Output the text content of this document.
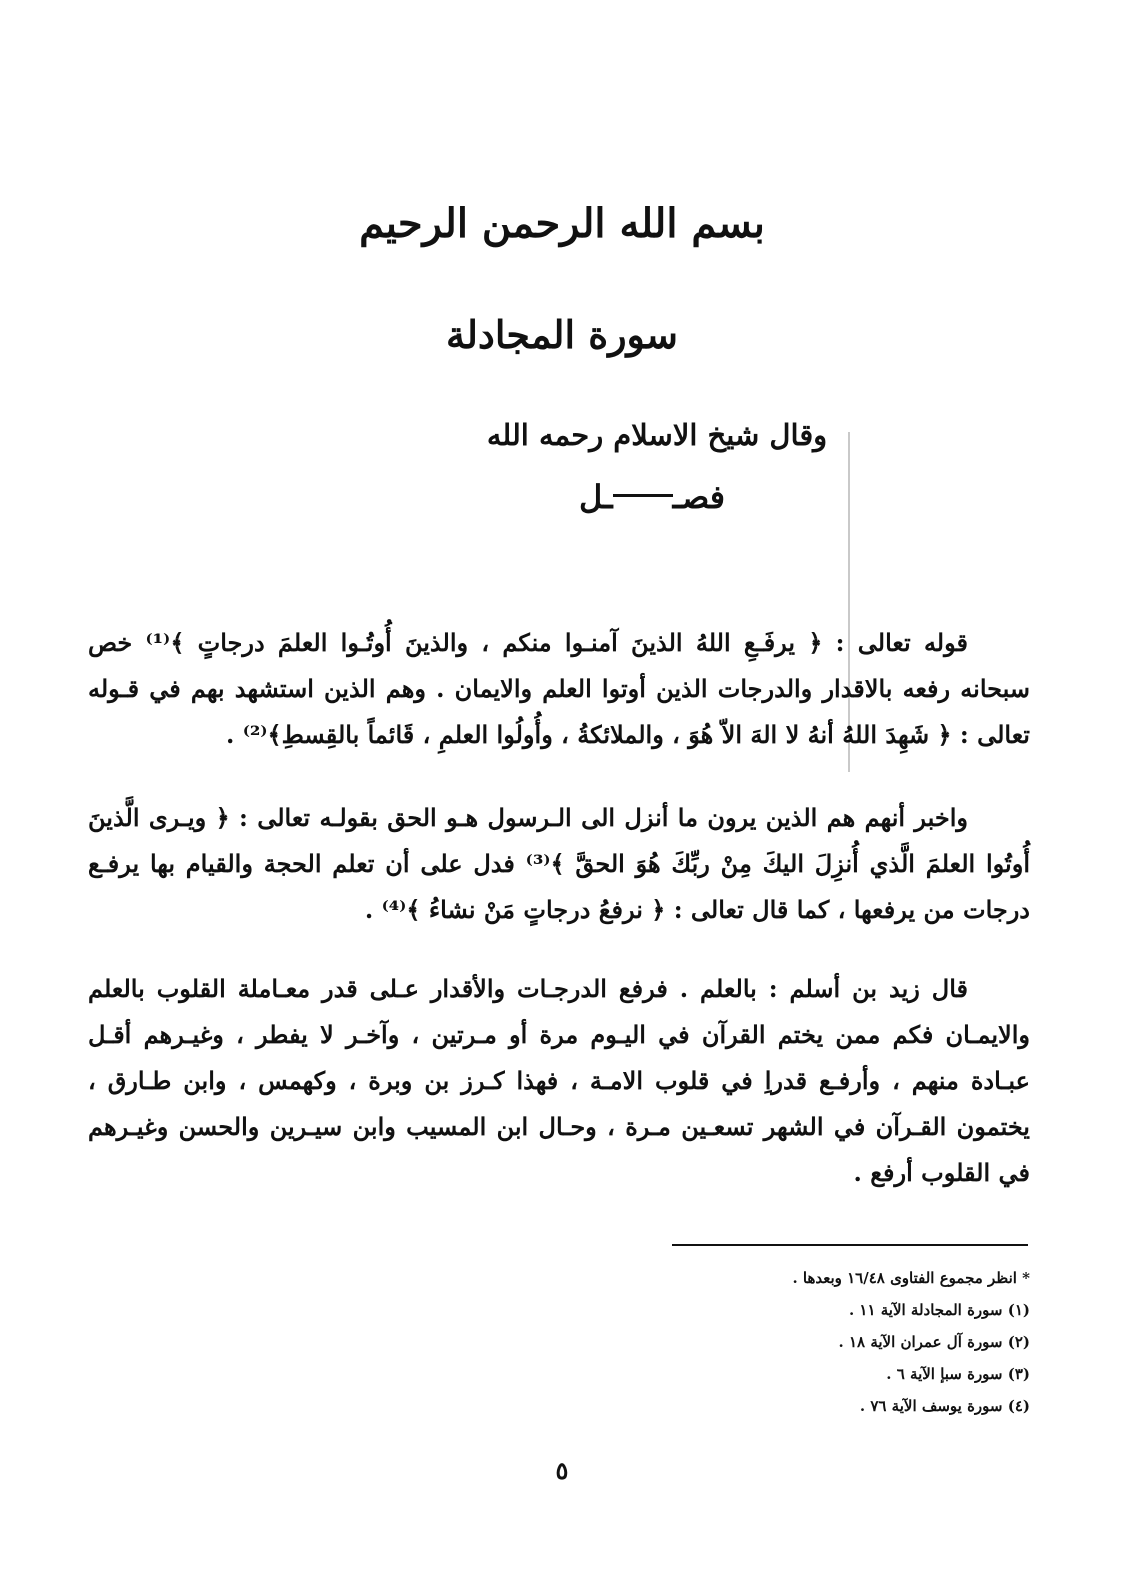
بسم الله الرحمن الرحيم
سورة المجادلة
وقال شيخ الاسلام رحمه الله
فصــل
قوله تعالى : ﴿ يرفَـعِ اللهُ الذينَ آمنـوا منكم ، والذينَ أُوتُـوا العلمَ درجاتٍ ﴾⁽¹⁾ خص سبحانه رفعه بالاقدار والدرجات الذين أوتوا العلم والايمان . وهم الذين استشهد بهم في قـوله تعالى : ﴿ شَهِدَ اللهُ أنهُ لا الهَ الاّ هُوَ ، والملائكةُ ، وأُولُوا العلمِ ، قَائماً بالقِسطِ﴾⁽²⁾ .
واخبر أنهم هم الذين يرون ما أنزل الى الـرسول هـو الحق بقولـه تعالى : ﴿ ويـرى الَّذينَ أُوتُوا العلمَ الَّذي أُنزِلَ اليكَ مِنْ ربِّكَ هُوَ الحقَّ ﴾⁽³⁾ فدل على أن تعلم الحجة والقيام بها يرفـع درجات من يرفعها ، كما قال تعالى : ﴿ نرفعُ درجاتٍ مَنْ نشاءُ ﴾⁽⁴⁾ .
قال زيد بن أسلم : بالعلم . فرفع الدرجـات والأقدار عـلى قدر معـاملة القلوب بالعلم والايمـان فكم ممن يختم القرآن في اليـوم مرة أو مـرتين ، وآخـر لا يفطر ، وغيـرهم أقـل عبـادة منهم ، وأرفـع قدراِ في قلوب الامـة ، فهذا كـرز بن وبرة ، وكهمس ، وابن طـارق ، يختمون القـرآن في الشهر تسعـين مـرة ، وحـال ابن المسيب وابن سيـرين والحسن وغيـرهم في القلوب أرفع .
* انظر مجموع الفتاوى ١٦/٤٨ وبعدها .
(١) سورة المجادلة الآية ١١ .
(٢) سورة آل عمران الآية ١٨ .
(٣) سورة سبإ الآية ٦ .
(٤) سورة يوسف الآية ٧٦ .
٥
